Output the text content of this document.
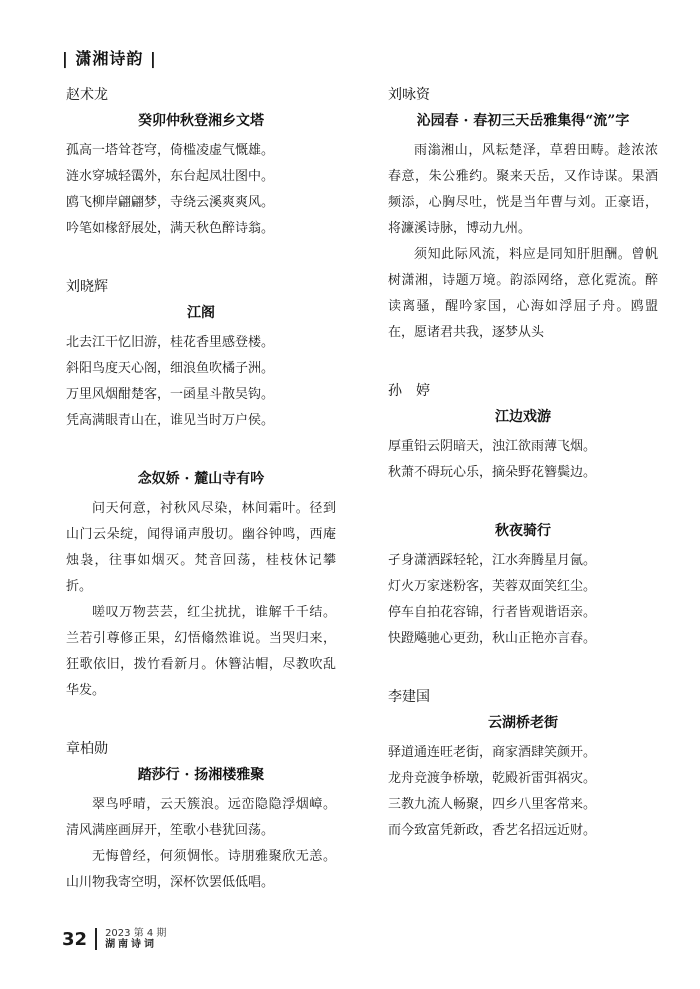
| 潇湘诗韵 |

赵术龙

癸卯仲秋登湘乡文塔

孤高一塔耸苍穹，倚槛凌虚气慨雄。

涟水穿城轻霭外，东台起凤壮图中。

鸥飞柳岸翩翩梦，寺绕云溪爽爽风。

吟笔如椽舒展处，满天秋色醉诗翁。

刘晓辉

江阁

北去江干忆旧游，桂花香里感登楼。

斜阳鸟度天心阁，细浪鱼吹橘子洲。

万里风烟酣楚客，一函星斗散吴钩。

凭高满眼青山在，谁见当时万户侯。

念奴娇 · 麓山寺有吟

问天何意，衬秋风尽染，林间霜叶。径到山门云朵绽，闻得诵声殷切。幽谷钟鸣，西庵烛袅，往事如烟灭。梵音回荡，桂枝休记攀折。

嗟叹万物芸芸，红尘扰扰，谁解千千结。兰若引尊修正果，幻悟翛然谁说。当哭归来，狂歌依旧，拨竹看新月。休簪沾帽，尽教吹乱华发。

章柏勋

踏莎行 · 扬湘楼雅聚

翠鸟呼晴，云天簇浪。远峦隐隐浮烟嶂。清风满座画屏开，笙歌小巷犹回荡。

无悔曾经，何须惆怅。诗朋雅聚欣无恙。山川物我寄空明，深杯饮罢低低唱。

刘咏资

沁园春 · 春初三天岳雅集得“流”字

雨滃湘山，风耘楚泽，草碧田畴。趁浓浓春意，朱公雅约。聚来天岳，又作诗谋。果酒频添，心胸尽吐，恍是当年曹与刘。正豪语，将濂溪诗脉，博动九州。

须知此际风流，料应是同知肝胆酬。曾帆树潇湘，诗题万境。韵添网络，意化霓流。醉读离骚，醒吟家国，心海如浮屈子舟。鸥盟在，愿诸君共我，逐梦从头

孙　婷

江边戏游

厚重铅云阴暗天，浊江欲雨薄飞烟。

秋萧不碍玩心乐，摘朵野花簪鬓边。

秋夜骑行

孑身潇洒踩轻轮，江水奔腾星月氤。

灯火万家迷粉客，芙蓉双面笑红尘。

停车自拍花容锦，行者皆观谐语亲。

快蹬飚驰心更劲，秋山正艳亦言春。

李建国

云湖桥老街

驿道通连旺老街，商家酒肆笑颜开。

龙舟竞渡争桥墩，乾殿祈雷弭祸灾。

三教九流人畅聚，四乡八里客常来。

而今致富凭新政，香艺名招远近财。

32 2023 第 4 期
湖南诗词
